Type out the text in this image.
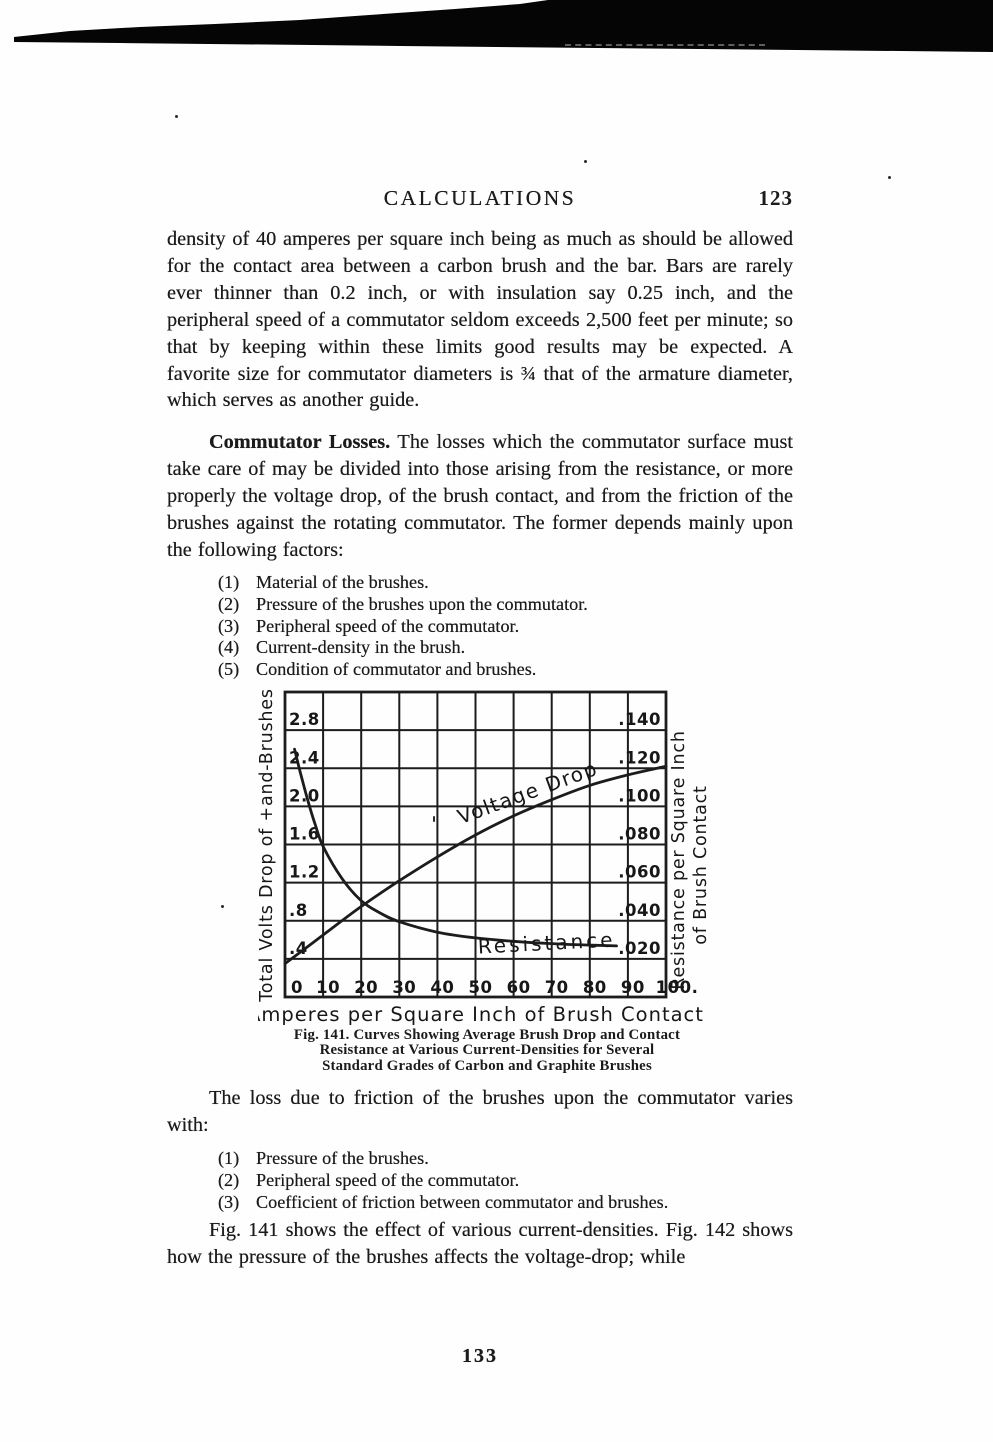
CALCULATIONS	123

density of 40 amperes per square inch being as much as should be allowed for the contact area between a carbon brush and the bar. Bars are rarely ever thinner than 0.2 inch, or with insulation say 0.25 inch, and the peripheral speed of a commutator seldom exceeds 2,500 feet per minute; so that by keeping within these limits good results may be expected. A favorite size for commutator diameters is ¾ that of the armature diameter, which serves as another guide.

Commutator Losses. The losses which the commutator surface must take care of may be divided into those arising from the resistance, or more properly the voltage drop, of the brush contact, and from the friction of the brushes against the rotating commutator. The former depends mainly upon the following factors:

(1) Material of the brushes.
(2) Pressure of the brushes upon the commutator.
(3) Peripheral speed of the commutator.
(4) Current-density in the brush.
(5) Condition of commutator and brushes.
2.8
2.4
2.0
1.6
1.2
.8
.4
.140
.120
.100
.080
.060
.040
.020
0 10 20 30 40 50 60 70 80 90 100.
Voltage Drop
Resistance
Total Volts Drop of +and-Brushes	Resistance per Square Inch of Brush Contact
Amperes per Square Inch of Brush Contact
Fig. 141. Curves Showing Average Brush Drop and Contact
Resistance at Various Current-Densities for Several
Standard Grades of Carbon and Graphite Brushes

The loss due to friction of the brushes upon the commutator varies with:

(1) Pressure of the brushes.
(2) Peripheral speed of the commutator.
(3) Coefficient of friction between commutator and brushes.

Fig. 141 shows the effect of various current-densities. Fig. 142 shows how the pressure of the brushes affects the voltage-drop; while

133
